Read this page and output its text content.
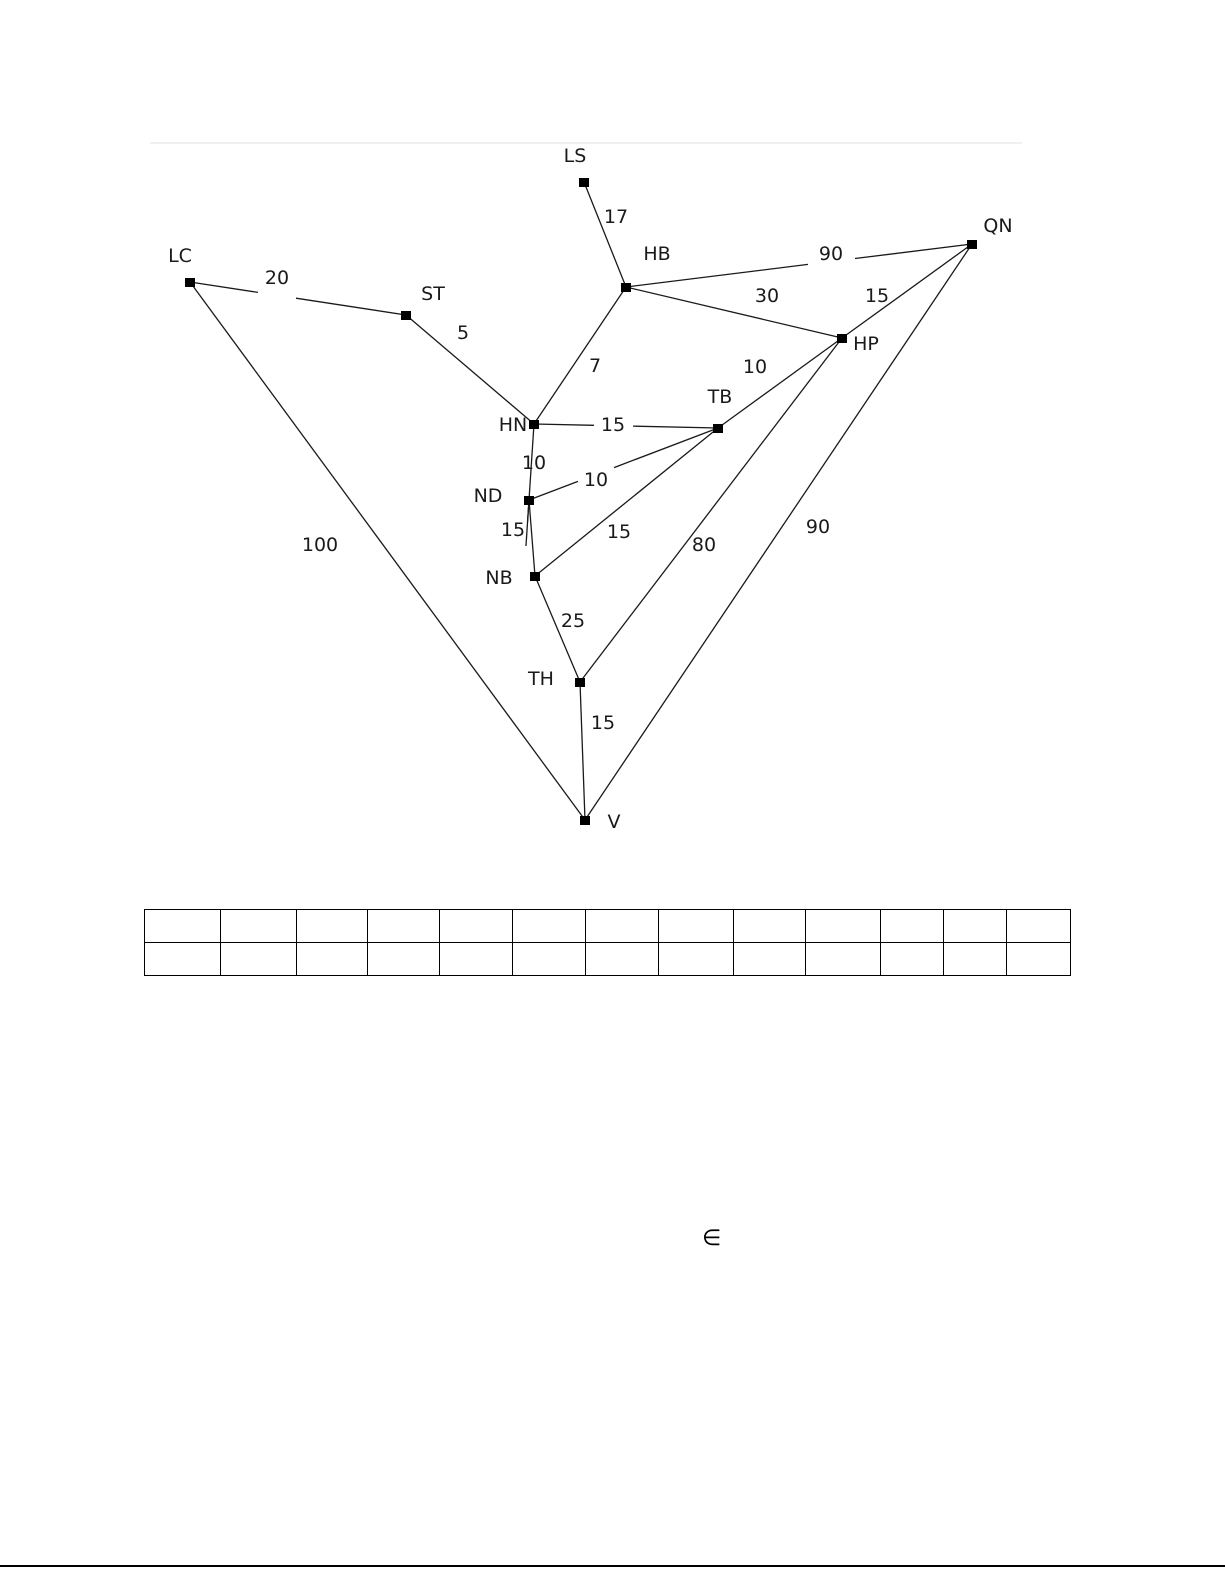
17
90
30	15
20
5
7	10
15
10
10
15	15
100	80
90
25
15
LS
HB
QN
LC
ST
HP
HN
TB
ND
NB
TH
V

∈
